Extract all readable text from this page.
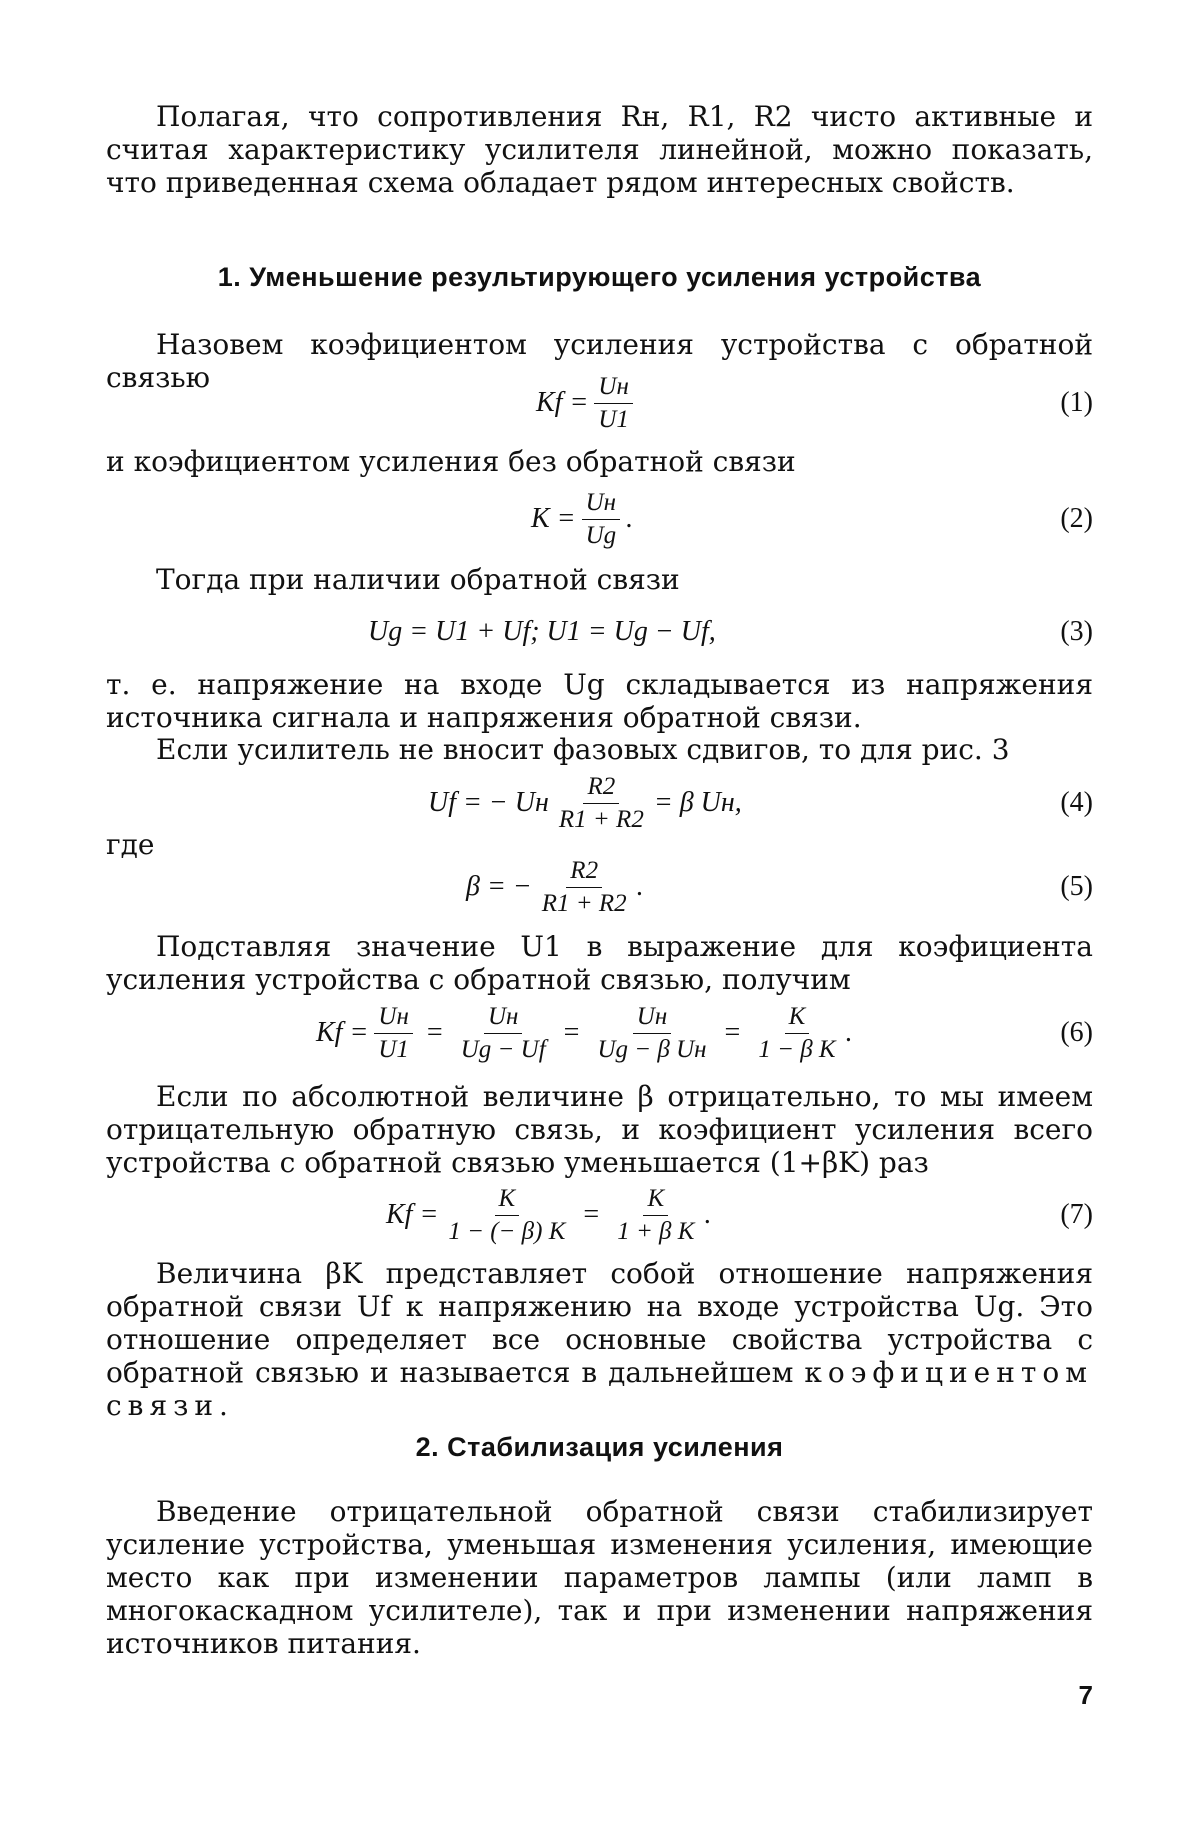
Полагая, что сопротивления Rн, R1, R2 чисто активные и считая характеристику усилителя линейной, можно показать, что приведенная схема обладает рядом интересных свойств.

1. Уменьшение результирующего усиления устройства

Назовем коэфициентом усиления устройства с обратной связью

$Kf = \frac{Uн}{U1}$	(1)

и коэфициентом усиления без обратной связи

$K = \frac{Uн}{Ug}$ .	(2)

Тогда при наличии обратной связи

Ug = U1 + Uf; U1 = Ug − Uf,	(3)

т. е. напряжение на входе Ug складывается из напряжения источника сигнала и напряжения обратной связи.

Если усилитель не вносит фазовых сдвигов, то для рис. 3

Uf = − Uн $\frac{R2}{R1 + R2} = \beta$ Uн,	(4)

где

β = − $\frac{R2}{R1 + R2}$ .	(5)

Подставляя значение U1 в выражение для коэфициента усиления устройства с обратной связью, получим

$Kf = \frac{Uн}{U1} = \frac{Uн}{Ug - Uf} = \frac{Uн}{\text{Ug − β Uн}} = \frac{K}{\text{1 − β K}}$ .	(6)

Если по абсолютной величине β отрицательно, то мы имеем отрицательную обратную связь, и коэфициент усиления всего устройства с обратной связью уменьшается (1+βK) раз

$Kf = \frac{K}{1 - (- \beta) K} = \frac{K}{\text{1 + β K}}$ .	(7)

Величина βK представляет собой отношение напряжения обратной связи Uf к напряжению на входе устройства Ug. Это отношение определяет все основные свойства устройства с обратной связью и называется в дальнейшем коэфициентом связи.

2. Стабилизация усиления

Введение отрицательной обратной связи стабилизирует усиление устройства, уменьшая изменения усиления, имеющие место как при изменении параметров лампы (или ламп в многокаскадном усилителе), так и при изменении напряжения источников питания.

7
